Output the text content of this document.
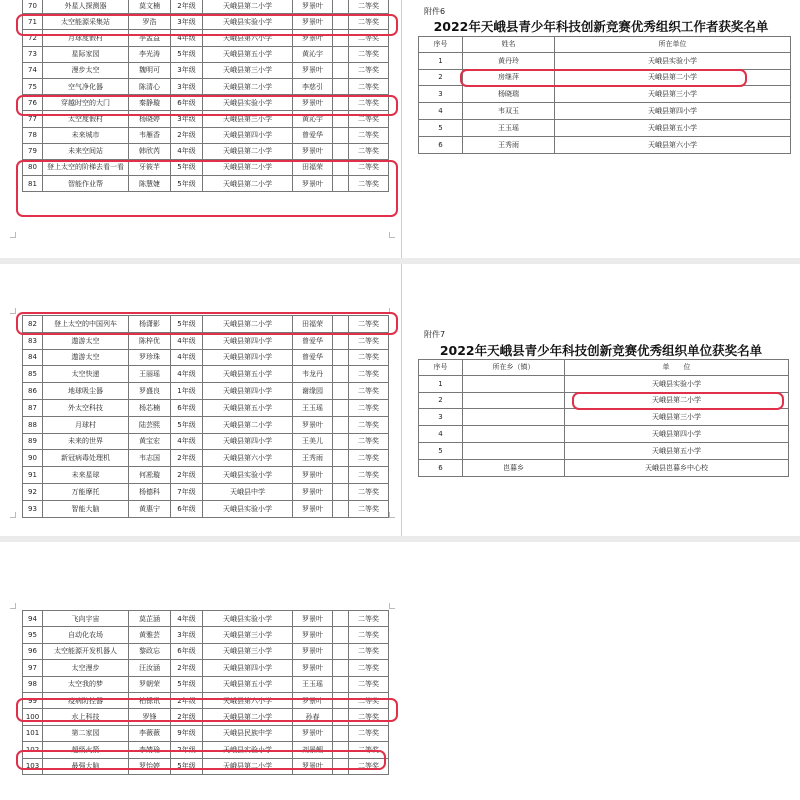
70	外星人探测器	莫文楠	2年级	天峨县第二小学	罗景叶		二等奖
71	太空能源采集站	罗浩	3年级	天峨县实验小学	罗景叶		二等奖
72	月球度假村	李孟益	4年级	天峨县第六小学	罗景叶		二等奖
73	星际家园	李光涛	5年级	天峨县第五小学	黄沁宇		二等奖
74	漫步太空	魏明可	3年级	天峨县第三小学	罗景叶		二等奖
75	空气净化器	陈清心	3年级	天峨县第二小学	李慈引		二等奖
76	穿越时空的大门	秦静璇	6年级	天峨县实验小学	罗景叶		二等奖
77	太空度假村	杨晓婷	3年级	天峨县第三小学	黄沁宇		二等奖
78	未来城市	韦雁香	2年级	天峨县第四小学	曾爱华		二等奖
79	未来空间站	韩欣芮	4年级	天峨县第二小学	罗景叶		二等奖
80	登上太空的阶梯去看一看	牙筱芊	5年级	天峨县第二小学	田福荣		二等奖
81	智能作业帮	陈慧婕	5年级	天峨县第二小学	罗景叶		二等奖
附件6
2022年天峨县青少年科技创新竞赛优秀组织工作者获奖名单
序号	姓名	所在单位
1	黄丹玲	天峨县实验小学
2	房继萍	天峨县第二小学
3	杨晓瑞	天峨县第三小学
4	韦双玉	天峨县第四小学
5	王玉瑶	天峨县第五小学
6	王秀雨	天峨县第六小学
82	登上太空的中国列车	杨潇影	5年级	天峨县第二小学	田福荣		二等奖
83	遨游太空	陈梓优	4年级	天峨县第四小学	曾爱华		二等奖
84	遨游太空	罗珍珠	4年级	天峨县第四小学	曾爱华		二等奖
85	太空快递	王丽瑶	4年级	天峨县第五小学	韦龙丹		二等奖
86	地球吸尘器	罗盛良	1年级	天峨县第四小学	谢缘园		二等奖
87	外太空科技	杨芯楠	6年级	天峨县第五小学	王玉瑶		二等奖
88	月球村	陆芸熙	5年级	天峨县第二小学	罗景叶		二等奖
89	未来的世界	黄宝宏	4年级	天峨县第四小学	王美儿		二等奖
90	新冠病毒处理机	韦志国	2年级	天峨县第六小学	王秀雨		二等奖
91	未来星球	何凇璇	2年级	天峨县实验小学	罗景叶		二等奖
92	万能摩托	杨德科	7年级	天峨县中学	罗景叶		二等奖
93	智能大脑	黄惠宁	6年级	天峨县实验小学	罗景叶		二等奖
附件7
2022年天峨县青少年科技创新竞赛优秀组织单位获奖名单
序号	所在乡（镇）	单　　位
1		天峨县实验小学
2		天峨县第二小学
3		天峨县第三小学
4		天峨县第四小学
5		天峨县第五小学
6	岜暮乡	天峨县岜暮乡中心校
94	飞向宇宙	莫芷涵	4年级	天峨县实验小学	罗景叶		二等奖
95	自动化农场	黄雅芸	3年级	天峨县第三小学	罗景叶		二等奖
96	太空能源开发机器人	黎政忘	6年级	天峨县第三小学	罗景叶		二等奖
97	太空漫步	汪汝涵	2年级	天峨县第四小学	罗景叶		二等奖
98	太空我的梦	罗朝荣	5年级	天峨县第五小学	王玉瑶		二等奖
99	疫病防控器	柏铄讯	2年级	天峨县第六小学	罗景叶		二等奖
100	水上科技	罗锋	2年级	天峨县第二小学	孙春		二等奖
101	第二家园	李薇薇	9年级	天峨县民族中学	罗景叶		二等奖
102	超级火箭	李婧瑜	2年级	天峨县实验小学	刘景蝦		二等奖
103	最强大脑	罗怡婷	5年级	天峨县第二小学	罗景叶		二等奖
